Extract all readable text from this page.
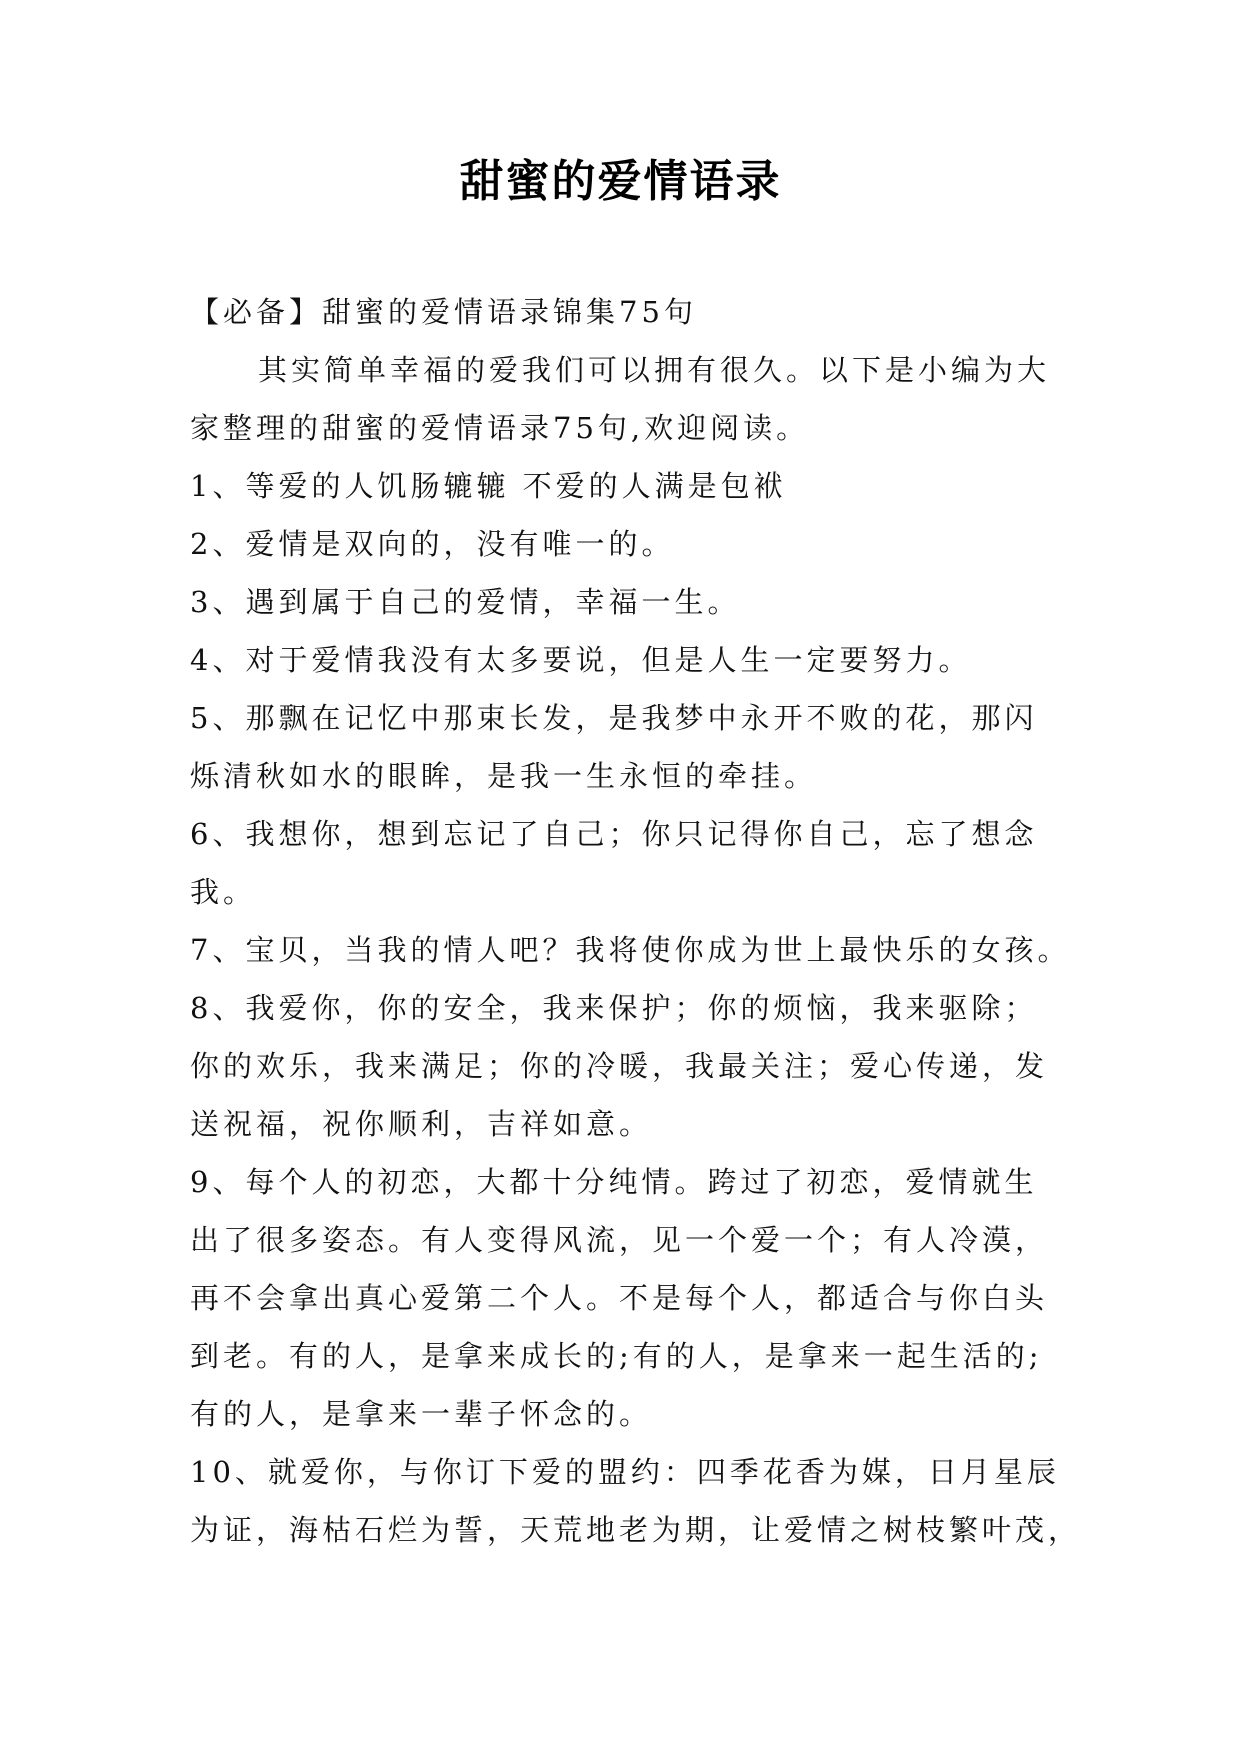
甜蜜的爱情语录

【必备】甜蜜的爱情语录锦集75句

其实简单幸福的爱我们可以拥有很久。以下是小编为大

家整理的甜蜜的爱情语录75句,欢迎阅读。

1、等爱的人饥肠辘辘 不爱的人满是包袱

2、爱情是双向的，没有唯一的。

3、遇到属于自己的爱情，幸福一生。

4、对于爱情我没有太多要说，但是人生一定要努力。

5、那飘在记忆中那束长发，是我梦中永开不败的花，那闪

烁清秋如水的眼眸，是我一生永恒的牵挂。

6、我想你，想到忘记了自己；你只记得你自己，忘了想念

我。

7、宝贝，当我的情人吧？我将使你成为世上最快乐的女孩。

8、我爱你，你的安全，我来保护；你的烦恼，我来驱除；

你的欢乐，我来满足；你的冷暖，我最关注；爱心传递，发

送祝福，祝你顺利，吉祥如意。

9、每个人的初恋，大都十分纯情。跨过了初恋，爱情就生

出了很多姿态。有人变得风流，见一个爱一个；有人冷漠，

再不会拿出真心爱第二个人。不是每个人，都适合与你白头

到老。有的人，是拿来成长的;有的人，是拿来一起生活的;

有的人，是拿来一辈子怀念的。

10、就爱你，与你订下爱的盟约：四季花香为媒，日月星辰

为证，海枯石烂为誓，天荒地老为期，让爱情之树枝繁叶茂，
